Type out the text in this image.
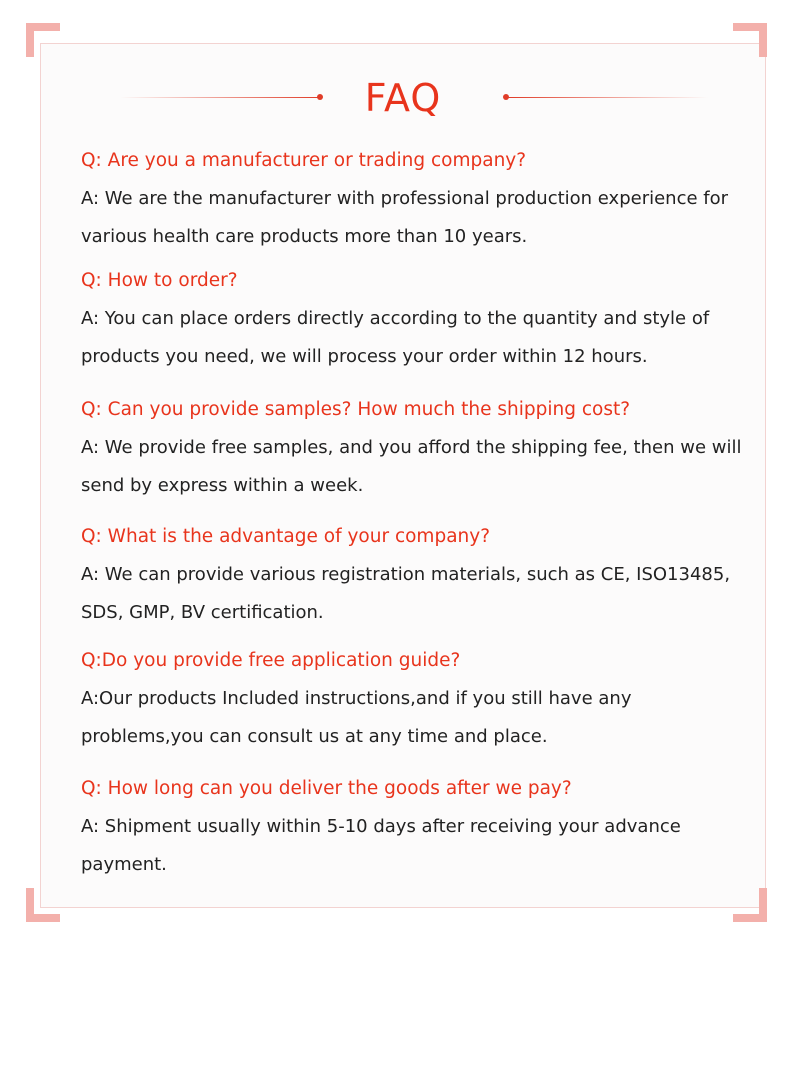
FAQ

Q: Are you a manufacturer or trading company?

A: We are the manufacturer with professional production experience for various health care products more than 10 years.

Q: How to order?

A: You can place orders directly according to the quantity and style of products you need, we will process your order within 12 hours.

Q: Can you provide samples? How much the shipping cost?

A: We provide free samples, and you afford the shipping fee, then we will send by express within a week.

Q: What is the advantage of your company?

A: We can provide various registration materials, such as CE, ISO13485, SDS, GMP, BV certification.

Q:Do you provide free application guide?

A:Our products Included instructions,and if you still have any problems,you can consult us at any time and place.

Q: How long can you deliver the goods after we pay?

A: Shipment usually within 5-10 days after receiving your advance payment.
